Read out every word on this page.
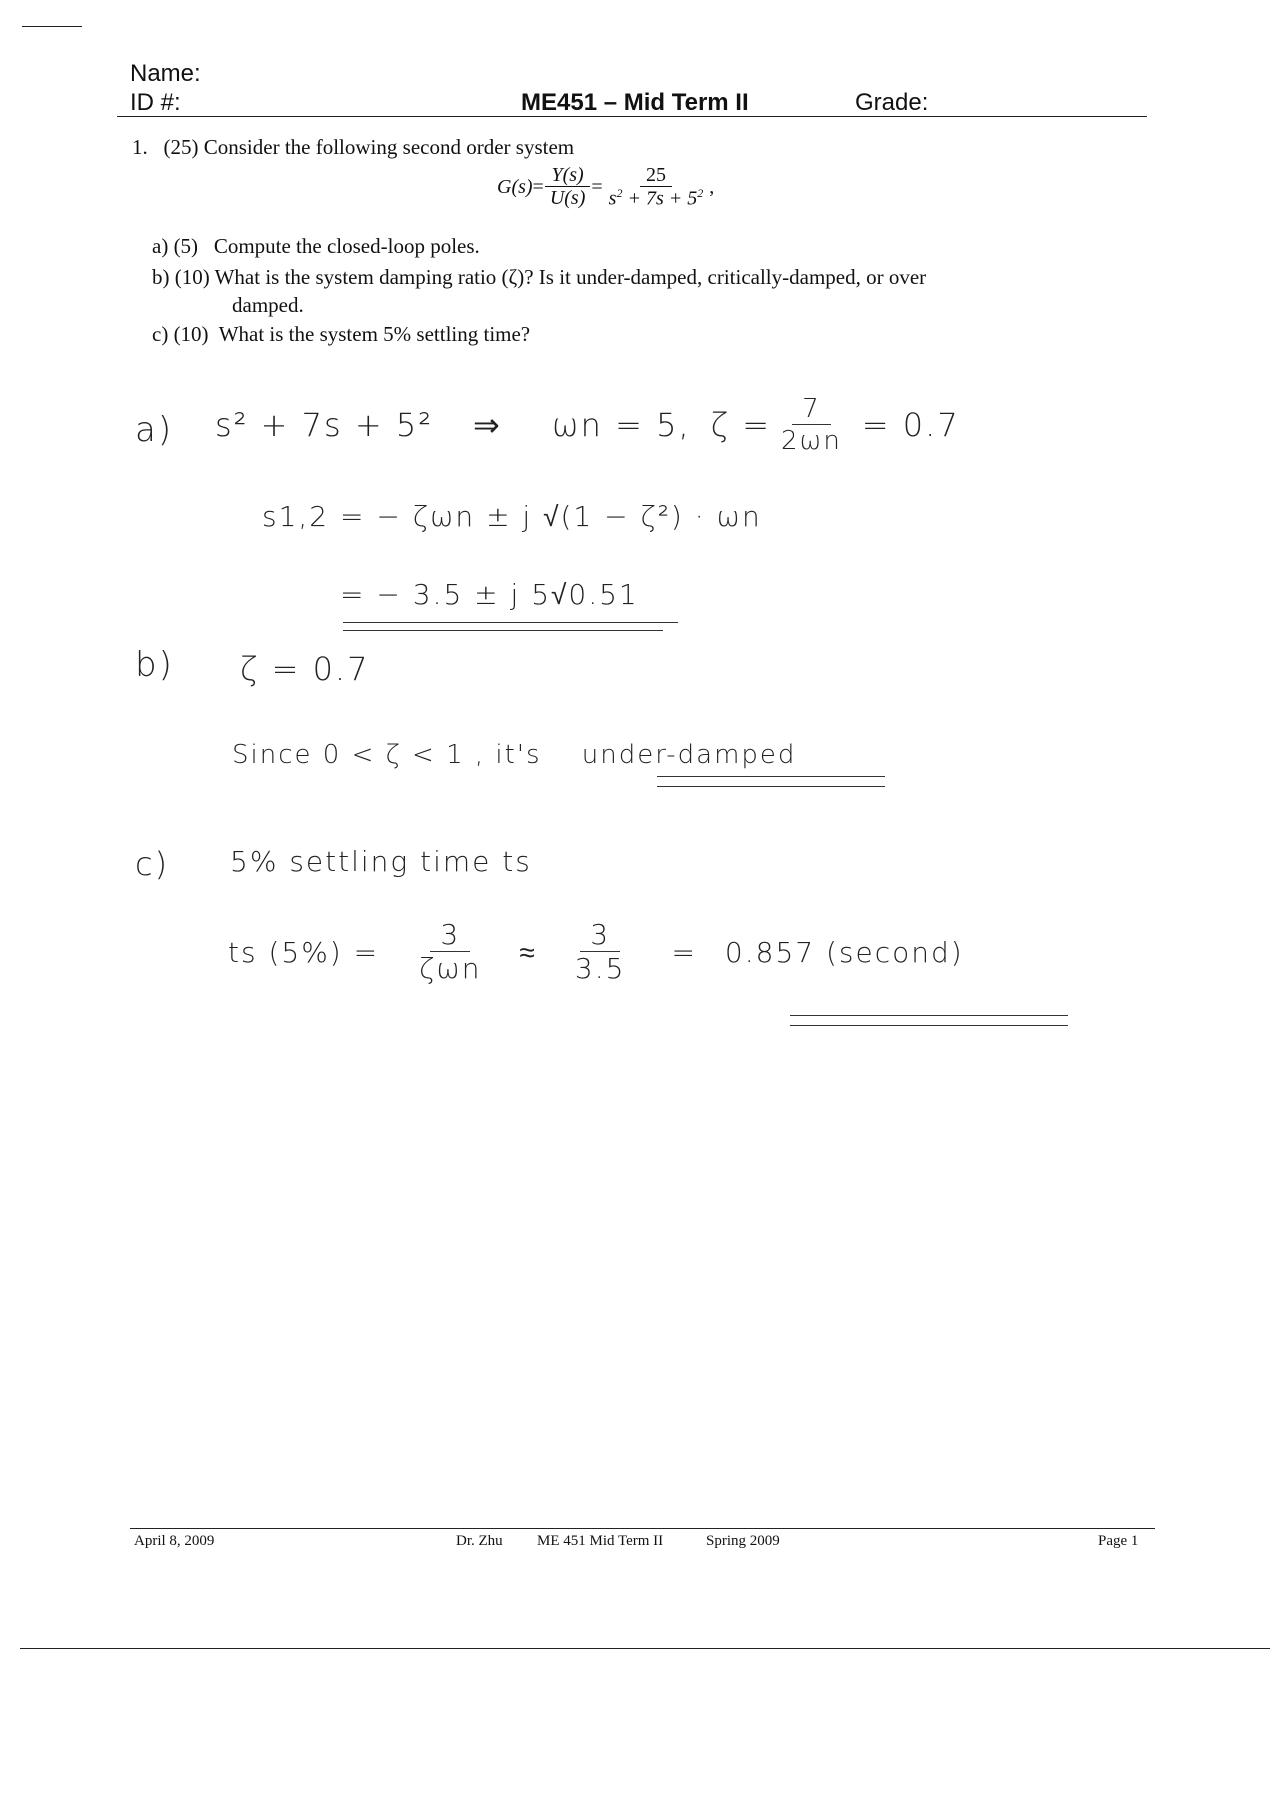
Name:
ID #:	ME451 – Mid Term II	Grade:
1. (25) Consider the following second order system
$G(s) = \frac{Y(s)}{U(s)} = \frac{25}{s^2 + 7s + 5^2}$ ,
a) (5) Compute the closed-loop poles.
b) (10) What is the system damping ratio (ζ)? Is it under-damped, critically-damped, or over
damped.
c) (10) What is the system 5% settling time?
a) s² + 7s + 5² ⇒ ωn = 5, $\zeta = \frac{7}{2\omega n} = 0.7$
s1,2 = − ζωn ± j √(1 − ζ²) · ωn
= − 3.5 ± j 5√0.51
b) ζ = 0.7
Since 0 < ζ < 1 , it's under-damped
c) 5% settling time ts
ts $(5\%) = \frac{3}{\text{ζωn}} \approx \frac{3}{3.5} = 0.857$ (second)
April 8, 2009	Dr. Zhu ME 451 Mid Term II	Spring 2009	Page 1
